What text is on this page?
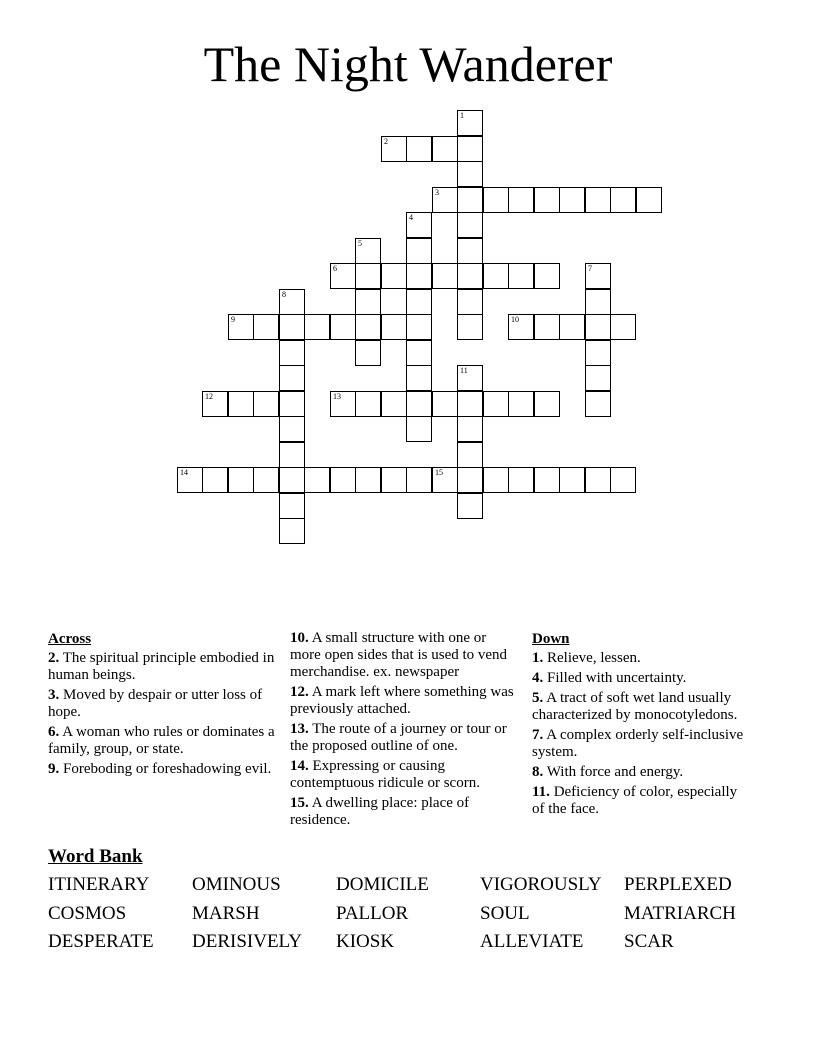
The Night Wanderer
1
2
3
4
5
6	7
8
9	10
11
12	13
14	15
Across
2. The spiritual principle embodied in human beings.
3. Moved by despair or utter loss of hope.
6. A woman who rules or dominates a family, group, or state.
9. Foreboding or foreshadowing evil.
10. A small structure with one or more open sides that is used to vend merchandise. ex. newspaper
12. A mark left where something was previously attached.
13. The route of a journey or tour or the proposed outline of one.
14. Expressing or causing contemptuous ridicule or scorn.
15. A dwelling place: place of residence.
Down
1. Relieve, lessen.
4. Filled with uncertainty.
5. A tract of soft wet land usually characterized by monocotyledons.
7. A complex orderly self-inclusive system.
8. With force and energy.
11. Deficiency of color, especially of the face.
Word Bank
ITINERARY OMINOUS	DOMICILE	VIGOROUSLY PERPLEXED
COSMOS	MARSH	PALLOR	SOUL	MATRIARCH
DESPERATE DERISIVELY KIOSK	ALLEVIATE SCAR
